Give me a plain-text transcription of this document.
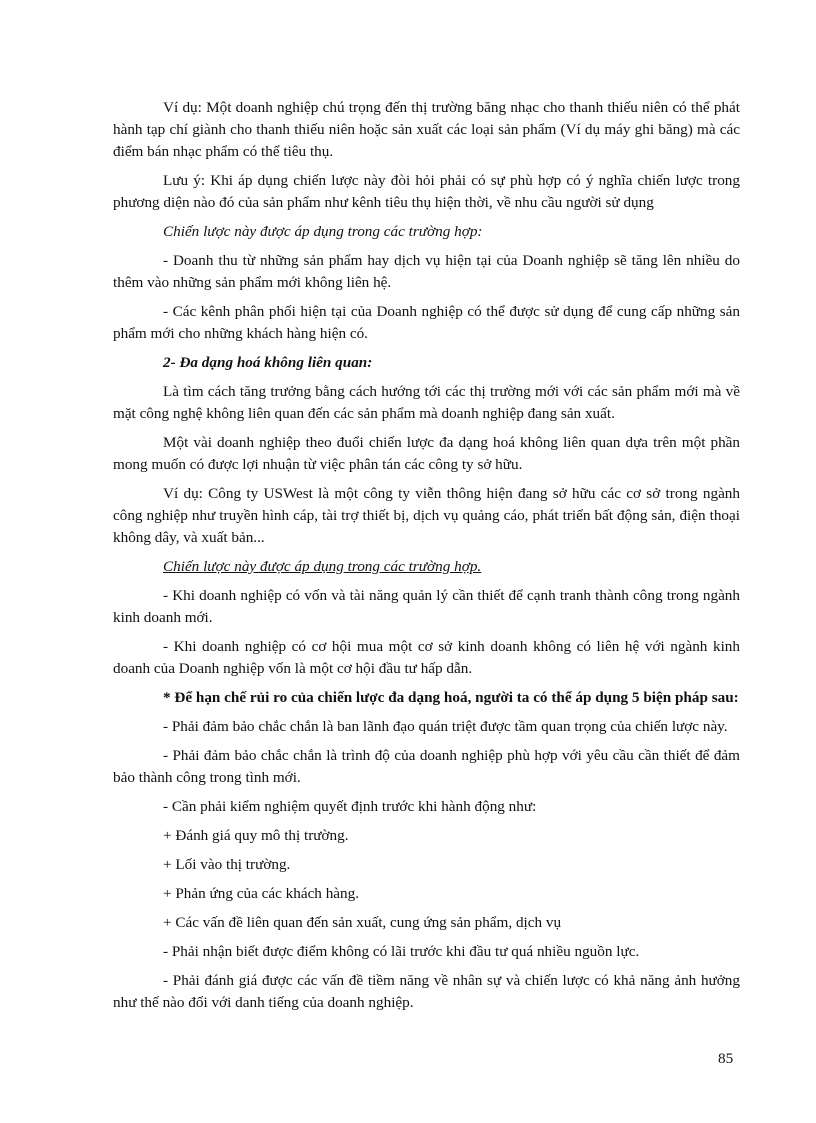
Ví dụ: Một doanh nghiệp chú trọng đến thị trường băng nhạc cho thanh thiếu niên có thể phát hành tạp chí giành cho thanh thiếu niên hoặc sản xuất các loại sản phẩm (Ví dụ máy ghi băng) mà các điểm bán nhạc phẩm có thể tiêu thụ.

Lưu ý: Khi áp dụng chiến lược này đòi hỏi phải có sự phù hợp có ý nghĩa chiến lược trong phương diện nào đó của sản phẩm như kênh tiêu thụ hiện thời, về nhu cầu người sử dụng

Chiến lược này được áp dụng trong các trường hợp:

- Doanh thu từ những sản phẩm hay dịch vụ hiện tại của Doanh nghiệp sẽ tăng lên nhiều do thêm vào những sản phẩm mới không liên hệ.

- Các kênh phân phối hiện tại của Doanh nghiệp có thể được sử dụng để cung cấp những sản phẩm mới cho những khách hàng hiện có.

2- Đa dạng hoá không liên quan:

Là tìm cách tăng trưởng bằng cách hướng tới các thị trường mới với các sản phẩm mới mà về mặt công nghệ không liên quan đến các sản phẩm mà doanh nghiệp đang sản xuất.

Một vài doanh nghiệp theo đuổi chiến lược đa dạng hoá không liên quan dựa trên một phần mong muốn có được lợi nhuận từ việc phân tán các công ty sở hữu.

Ví dụ: Công ty USWest là một công ty viễn thông hiện đang sở hữu các cơ sở trong ngành công nghiệp như truyền hình cáp, tài trợ thiết bị, dịch vụ quảng cáo, phát triển bất động sản, điện thoại không dây, và xuất bản...

Chiến lược này được áp dụng trong các trường hợp.

- Khi doanh nghiệp có vốn và tài năng quản lý cần thiết để cạnh tranh thành công trong ngành kinh doanh mới.

- Khi doanh nghiệp có cơ hội mua một cơ sở kinh doanh không có liên hệ với ngành kinh doanh của Doanh nghiệp vốn là một cơ hội đầu tư hấp dẫn.

* Để hạn chế rủi ro của chiến lược đa dạng hoá, người ta có thể áp dụng 5 biện pháp sau:

- Phải đảm bảo chắc chắn là ban lãnh đạo quán triệt được tầm quan trọng của chiến lược này.

- Phải đảm bảo chắc chắn là trình độ của doanh nghiệp phù hợp với yêu cầu cần thiết để đảm bảo thành công trong tình mới.

- Cần phải kiểm nghiệm quyết định trước khi hành động như:

+ Đánh giá quy mô thị trường.

+ Lối vào thị trường.

+ Phản ứng của các khách hàng.

+ Các vấn đề liên quan đến sản xuất, cung ứng sản phẩm, dịch vụ

- Phải nhận biết được điểm không có lãi trước khi đầu tư quá nhiều nguồn lực.

- Phải đánh giá được các vấn đề tiềm năng về nhân sự và chiến lược có khả năng ảnh hưởng như thế nào đối với danh tiếng của doanh nghiệp.

85
